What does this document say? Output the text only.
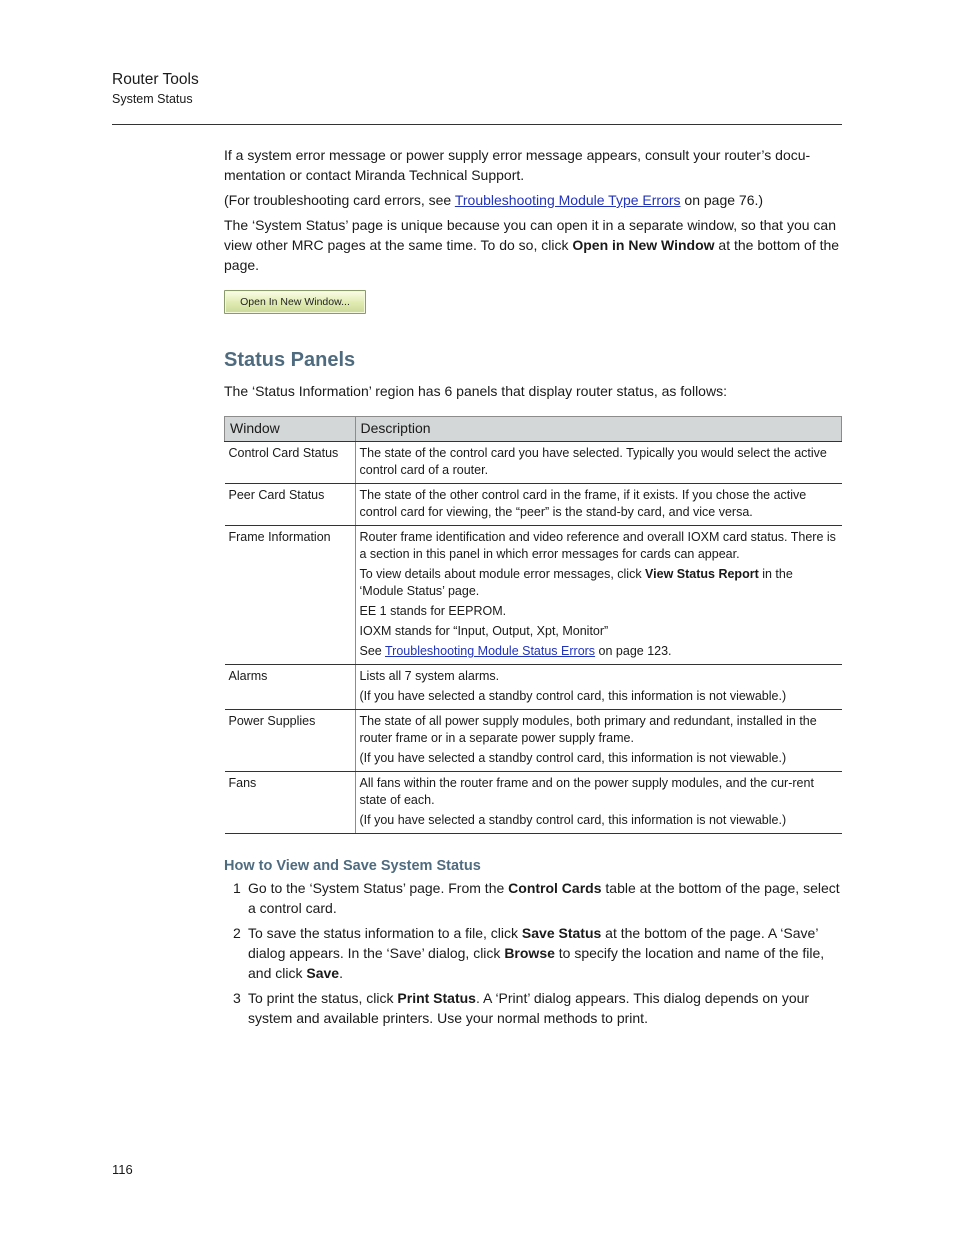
Router Tools
System Status

If a system error message or power supply error message appears, consult your router’s docu-mentation or contact Miranda Technical Support.

(For troubleshooting card errors, see Troubleshooting Module Type Errors on page 76.)

The ‘System Status’ page is unique because you can open it in a separate window, so that you can view other MRC pages at the same time. To do so, click Open in New Window at the bottom of the page.

Open In New Window...
Status Panels

The ‘Status Information’ region has 6 panels that display router status, as follows:

Window	Description
Control Card Status	The state of the control card you have selected. Typically you would select the active control card of a router.

Peer Card Status	The state of the other control card in the frame, if it exists. If you chose the active control card for viewing, the “peer” is the stand-by card, and vice versa.

Frame Information	Router frame identification and video reference and overall IOXM card status. There is a section in this panel in which error messages for cards can appear.

To view details about module error messages, click View Status Report in the ‘Module Status’ page.

EE 1 stands for EEPROM.

IOXM stands for “Input, Output, Xpt, Monitor”

See Troubleshooting Module Status Errors on page 123.

Alarms	Lists all 7 system alarms.

(If you have selected a standby control card, this information is not viewable.)

Power Supplies	The state of all power supply modules, both primary and redundant, installed in the router frame or in a separate power supply frame.

(If you have selected a standby control card, this information is not viewable.)

Fans	All fans within the router frame and on the power supply modules, and the cur-rent state of each.

(If you have selected a standby control card, this information is not viewable.)

How to View and Save System Status
1 Go to the ‘System Status’ page. From the Control Cards table at the bottom of the page, select a control card.
2 To save the status information to a file, click Save Status at the bottom of the page. A ‘Save’ dialog appears. In the ‘Save’ dialog, click Browse to specify the location and name of the file, and click Save.
3 To print the status, click Print Status. A ‘Print’ dialog appears. This dialog depends on your system and available printers. Use your normal methods to print.
116
